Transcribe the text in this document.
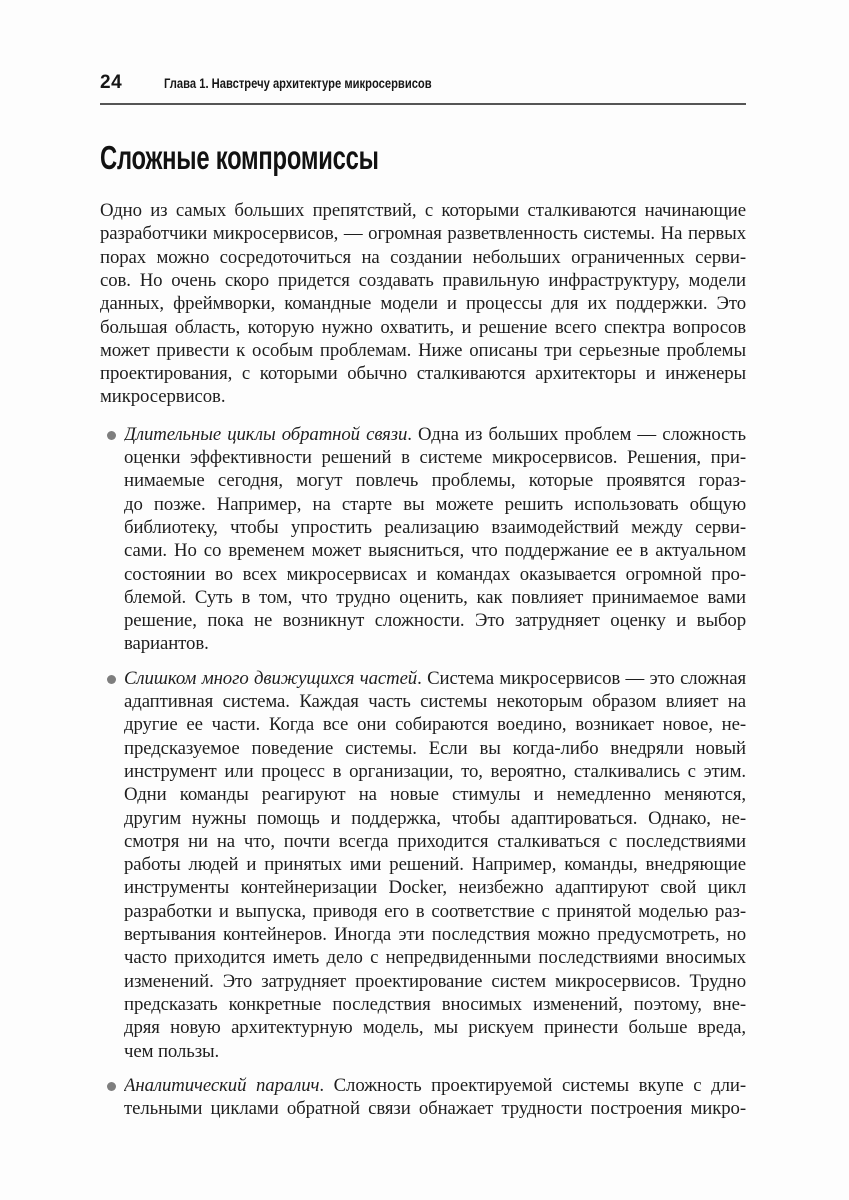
24	Глава 1. Навстречу архитектуре микросервисов
Сложные компромиссы
Одно из самых больших препятствий, с которыми сталкиваются начинающие
разработчики микросервисов, — огромная разветвленность системы. На первых
порах можно сосредоточиться на создании небольших ограниченных серви-
сов. Но очень скоро придется создавать правильную инфраструктуру, модели
данных, фреймворки, командные модели и процессы для их поддержки. Это
большая область, которую нужно охватить, и решение всего спектра вопросов
может привести к особым проблемам. Ниже описаны три серьезные проблемы
проектирования, с которыми обычно сталкиваются архитекторы и инженеры
микросервисов.
Длительные циклы обратной связи. Одна из больших проблем — сложность
оценки эффективности решений в системе микросервисов. Решения, при-
нимаемые сегодня, могут повлечь проблемы, которые проявятся гораз-
до позже. Например, на старте вы можете решить использовать общую
библиотеку, чтобы упростить реализацию взаимодействий между серви-
сами. Но со временем может выясниться, что поддержание ее в актуальном
состоянии во всех микросервисах и командах оказывается огромной про-
блемой. Суть в том, что трудно оценить, как повлияет принимаемое вами
решение, пока не возникнут сложности. Это затрудняет оценку и выбор
вариантов.
Слишком много движущихся частей. Система микросервисов — это сложная
адаптивная система. Каждая часть системы некоторым образом влияет на
другие ее части. Когда все они собираются воедино, возникает новое, не-
предсказуемое поведение системы. Если вы когда-либо внедряли новый
инструмент или процесс в организации, то, вероятно, сталкивались с этим.
Одни команды реагируют на новые стимулы и немедленно меняются,
другим нужны помощь и поддержка, чтобы адаптироваться. Однако, не-
смотря ни на что, почти всегда приходится сталкиваться с последствиями
работы людей и принятых ими решений. Например, команды, внедряющие
инструменты контейнеризации Docker, неизбежно адаптируют свой цикл
разработки и выпуска, приводя его в соответствие с принятой моделью раз-
вертывания контейнеров. Иногда эти последствия можно предусмотреть, но
часто приходится иметь дело с непредвиденными последствиями вносимых
изменений. Это затрудняет проектирование систем микросервисов. Трудно
предсказать конкретные последствия вносимых изменений, поэтому, вне-
дряя новую архитектурную модель, мы рискуем принести больше вреда,
чем пользы.
Аналитический паралич. Сложность проектируемой системы вкупе с дли-
тельными циклами обратной связи обнажает трудности построения микро-
